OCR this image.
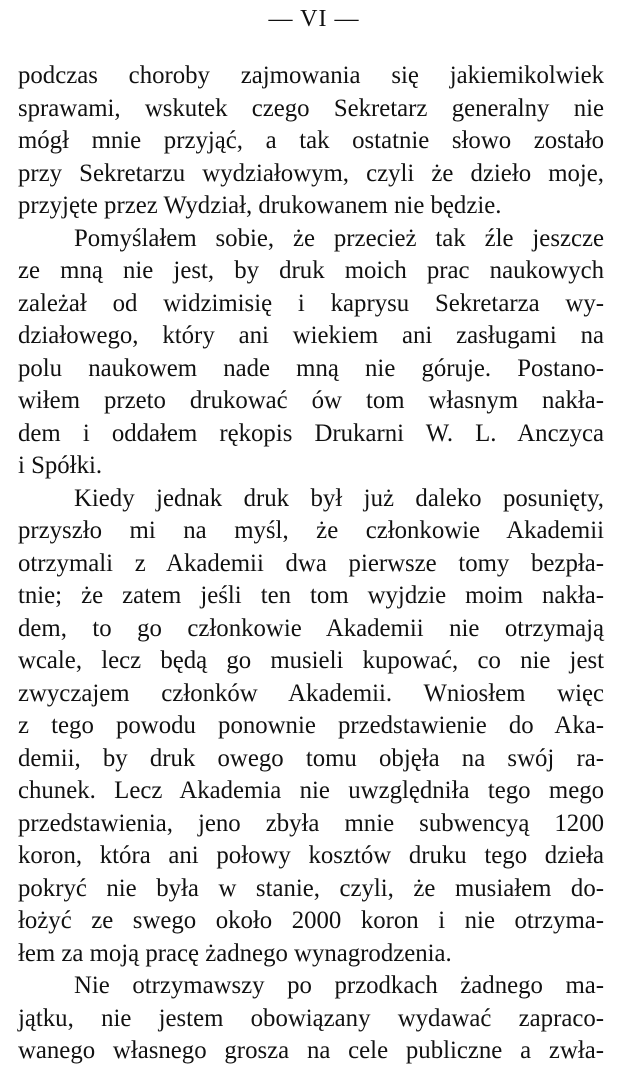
— VI —
podczas choroby zajmowania się jakiemikolwiek
sprawami, wskutek czego Sekretarz generalny nie
mógł mnie przyjąć, a tak ostatnie słowo zostało
przy Sekretarzu wydziałowym, czyli że dzieło moje,
przyjęte przez Wydział, drukowanem nie będzie.
Pomyślałem sobie, że przecież tak źle jeszcze
ze mną nie jest, by druk moich prac naukowych
zależał od widzimisię i kaprysu Sekretarza wy-
działowego, który ani wiekiem ani zasługami na
polu naukowem nade mną nie góruje. Postano-
wiłem przeto drukować ów tom własnym nakła-
dem i oddałem rękopis Drukarni W. L. Anczyca
i Spółki.
Kiedy jednak druk był już daleko posunięty,
przyszło mi na myśl, że członkowie Akademii
otrzymali z Akademii dwa pierwsze tomy bezpła-
tnie; że zatem jeśli ten tom wyjdzie moim nakła-
dem, to go członkowie Akademii nie otrzymają
wcale, lecz będą go musieli kupować, co nie jest
zwyczajem członków Akademii. Wniosłem więc
z tego powodu ponownie przedstawienie do Aka-
demii, by druk owego tomu objęła na swój ra-
chunek. Lecz Akademia nie uwzględniła tego mego
przedstawienia, jeno zbyła mnie subwencyą 1200
koron, która ani połowy kosztów druku tego dzieła
pokryć nie była w stanie, czyli, że musiałem do-
łożyć ze swego około 2000 koron i nie otrzyma-
łem za moją pracę żadnego wynagrodzenia.
Nie otrzymawszy po przodkach żadnego ma-
jątku, nie jestem obowiązany wydawać zapraco-
wanego własnego grosza na cele publiczne a zwła-
